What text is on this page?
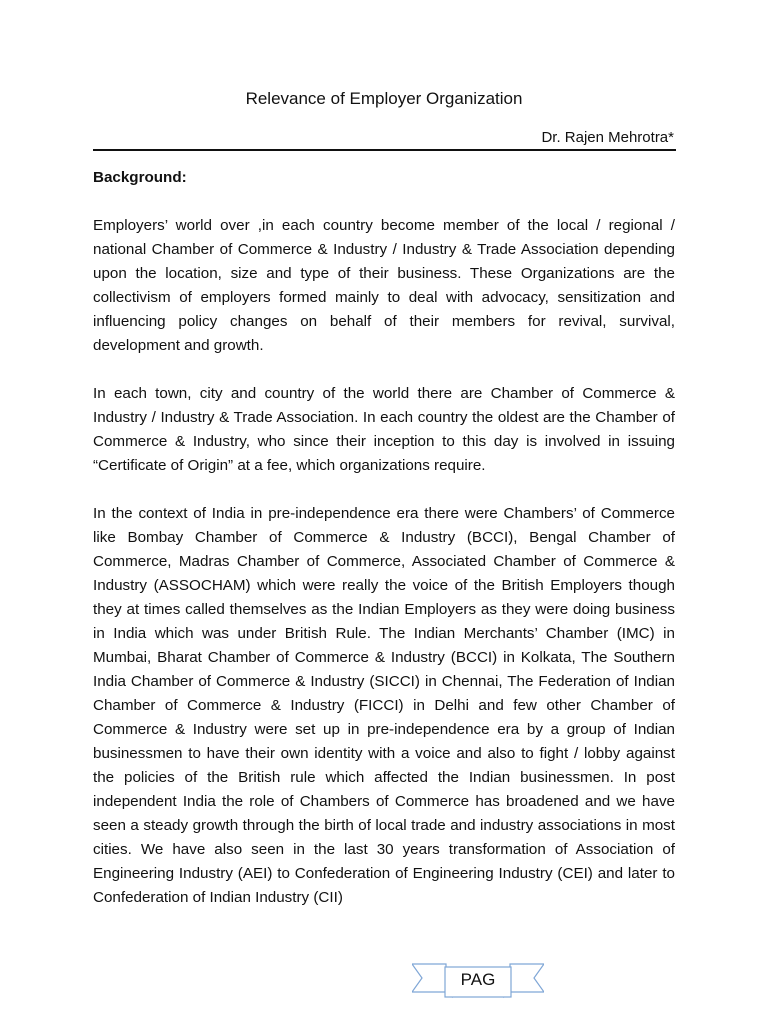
Relevance of Employer Organization
Dr. Rajen Mehrotra*
Background:
Employers’ world over ,in each country become member of the local / regional / national Chamber of Commerce & Industry / Industry & Trade Association depending upon the location, size and type of their business. These Organizations are the collectivism of employers formed mainly to deal with advocacy, sensitization and influencing policy changes on behalf of their members for revival, survival, development and growth.
In each town, city and country of the world there are Chamber of Commerce & Industry / Industry & Trade Association. In each country the oldest are the Chamber of Commerce & Industry, who since their inception to this day is involved in issuing “Certificate of Origin” at a fee, which organizations require.
In the context of India in pre-independence era there were Chambers’ of Commerce like Bombay Chamber of Commerce & Industry (BCCI), Bengal Chamber of Commerce, Madras Chamber of Commerce, Associated Chamber of Commerce & Industry (ASSOCHAM) which were really the voice of the British Employers though they at times called themselves as the Indian Employers as they were doing business in India which was under British Rule. The Indian Merchants’ Chamber (IMC) in Mumbai, Bharat Chamber of Commerce & Industry (BCCI) in Kolkata, The Southern India Chamber of Commerce & Industry (SICCI) in Chennai, The Federation of Indian Chamber of Commerce & Industry (FICCI) in Delhi and few other Chamber of Commerce & Industry were set up in pre-independence era by a group of Indian businessmen to have their own identity with a voice and also to fight / lobby against the policies of the British rule which affected the Indian businessmen. In post independent India the role of Chambers of Commerce has broadened and we have seen a steady growth through the birth of local trade and industry associations in most cities. We have also seen in the last 30 years transformation of Association of Engineering Industry (AEI) to Confederation of Engineering Industry (CEI) and later to Confederation of Indian Industry (CII)
PAG
